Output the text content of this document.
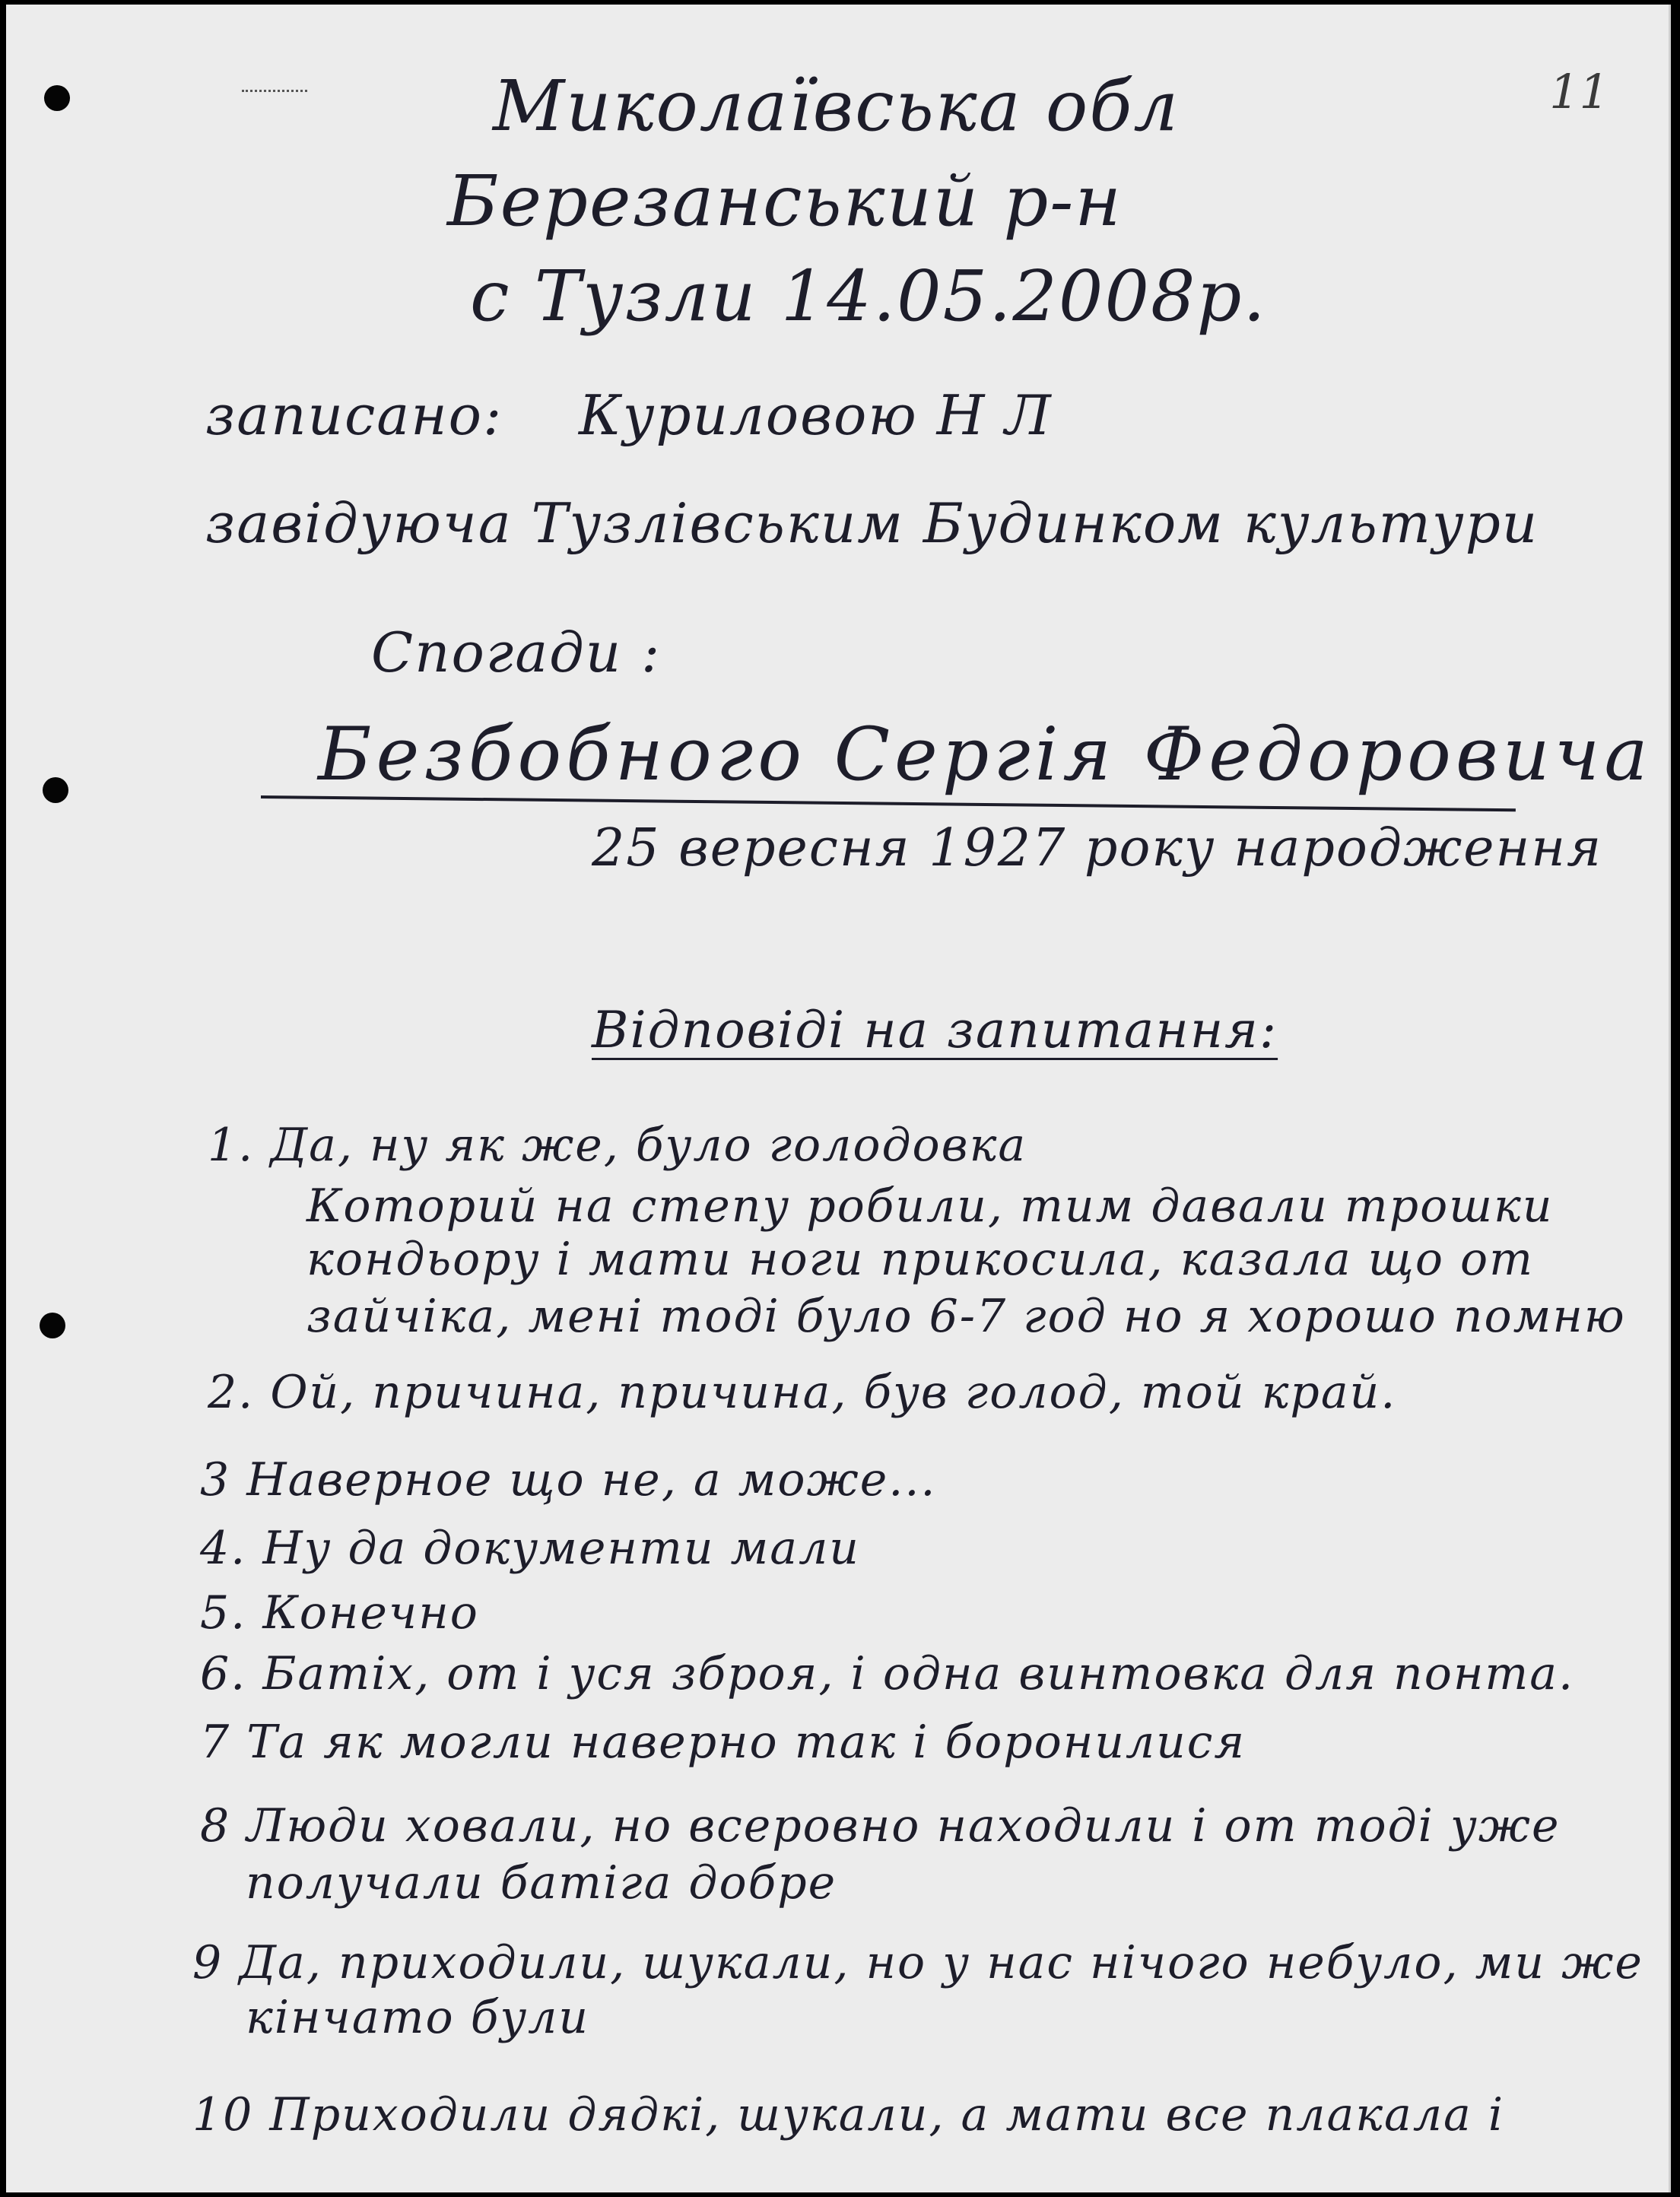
11
Миколаївська обл
Березанський р-н
с Тузли 14.05.2008р.
записано: Куриловою Н Л
завідуюча Тузлівським Будинком культури
Спогади :
Безбобного Сергія Федоровича
25 вересня 1927 року народження
Відповіді на запитання:
1. Да, ну як же, було голодовка
Которий на степу робили, тим давали трошки
кондьору і мати ноги прикосила, казала що от
зайчіка, мені тоді було 6-7 год но я хорошо помню
2. Ой, причина, причина, був голод, той край.
3 Наверное що не, а може...
4. Ну да документи мали
5. Конечно
6. Батіх, от і уся зброя, і одна винтовка для понта.
7 Та як могли наверно так і боронилися
8 Люди ховали, но всеровно находили і от тоді уже
получали батіга добре
9 Да, приходили, шукали, но у нас нічого небуло, ми же
кінчато були
10 Приходили дядкі, шукали, а мати все плакала і
